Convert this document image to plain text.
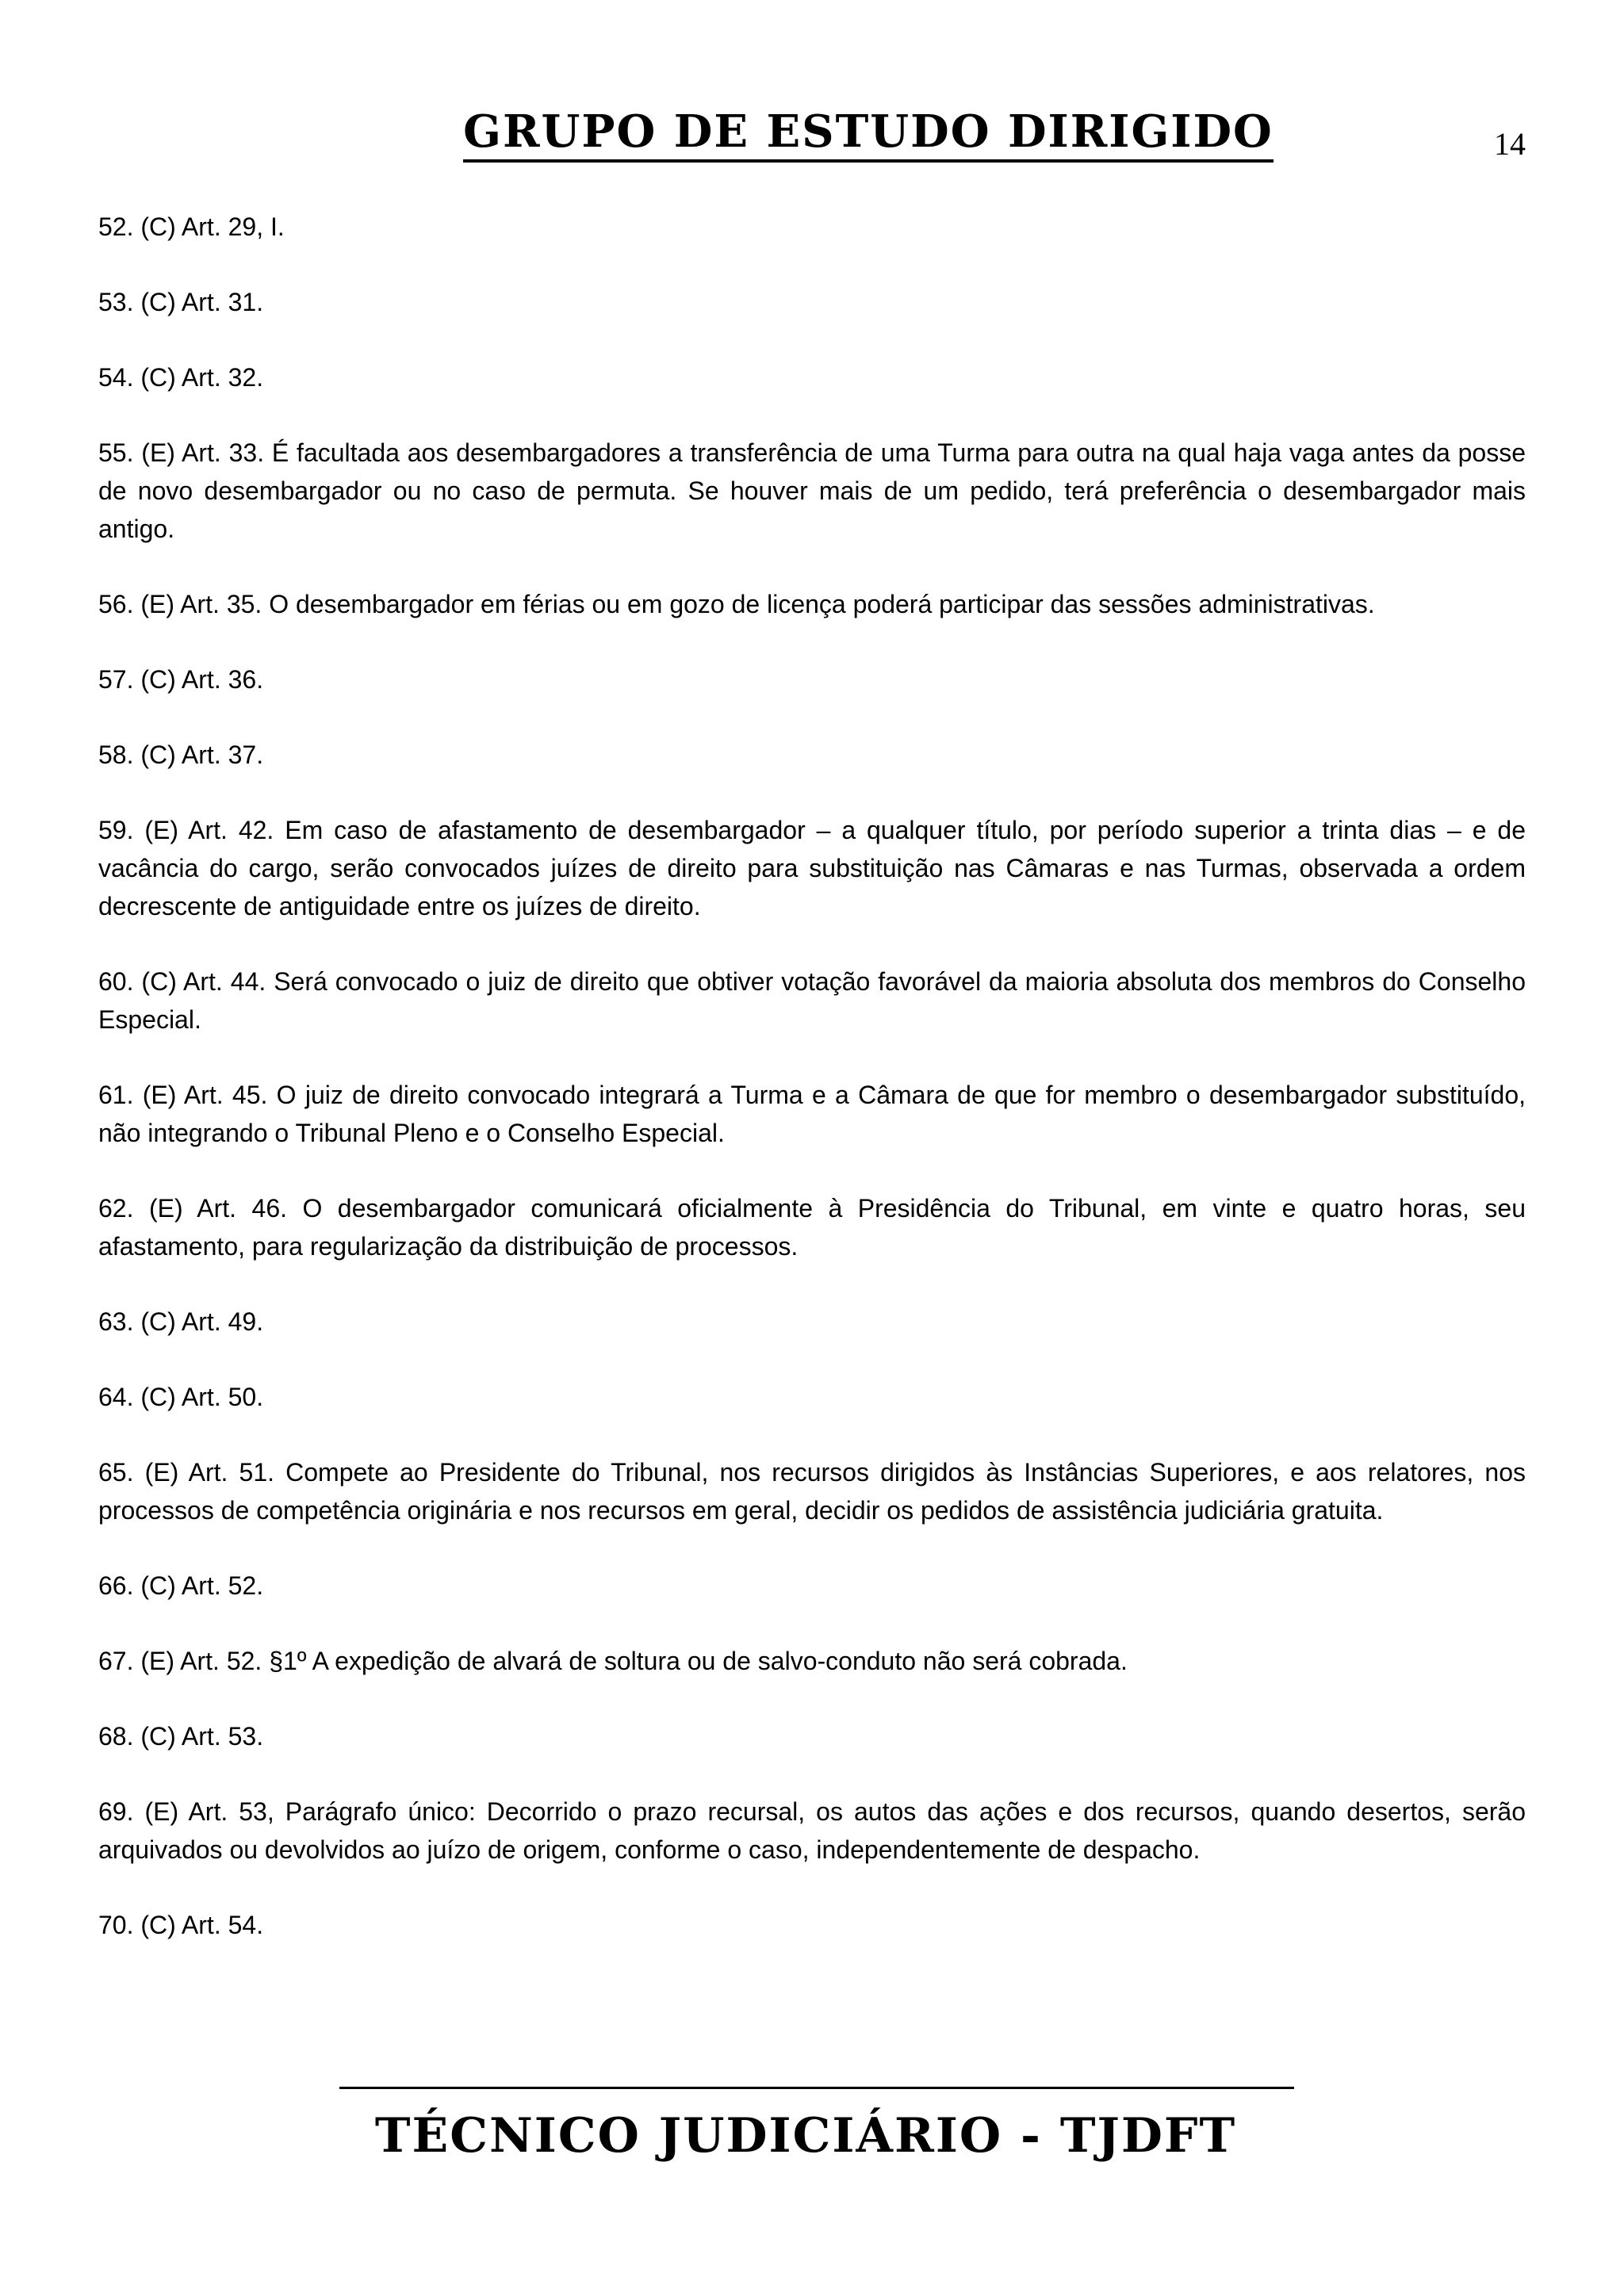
GRUPO DE ESTUDO DIRIGIDO	14

52. (C) Art. 29, I.

53. (C) Art. 31.

54. (C) Art. 32.

55. (E) Art. 33. É facultada aos desembargadores a transferência de uma Turma para outra na qual haja vaga antes da posse de novo desembargador ou no caso de permuta. Se houver mais de um pedido, terá preferência o desembargador mais antigo.

56. (E) Art. 35. O desembargador em férias ou em gozo de licença poderá participar das sessões administrativas.

57. (C) Art. 36.

58. (C) Art. 37.

59. (E) Art. 42. Em caso de afastamento de desembargador – a qualquer título, por período superior a trinta dias – e de vacância do cargo, serão convocados juízes de direito para substituição nas Câmaras e nas Turmas, observada a ordem decrescente de antiguidade entre os juízes de direito.

60. (C) Art. 44. Será convocado o juiz de direito que obtiver votação favorável da maioria absoluta dos membros do Conselho Especial.

61. (E) Art. 45. O juiz de direito convocado integrará a Turma e a Câmara de que for membro o desembargador substituído, não integrando o Tribunal Pleno e o Conselho Especial.

62. (E) Art. 46. O desembargador comunicará oficialmente à Presidência do Tribunal, em vinte e quatro horas, seu afastamento, para regularização da distribuição de processos.

63. (C) Art. 49.

64. (C) Art. 50.

65. (E) Art. 51. Compete ao Presidente do Tribunal, nos recursos dirigidos às Instâncias Superiores, e aos relatores, nos processos de competência originária e nos recursos em geral, decidir os pedidos de assistência judiciária gratuita.

66. (C) Art. 52.

67. (E) Art. 52. §1º A expedição de alvará de soltura ou de salvo-conduto não será cobrada.

68. (C) Art. 53.

69. (E) Art. 53, Parágrafo único: Decorrido o prazo recursal, os autos das ações e dos recursos, quando desertos, serão arquivados ou devolvidos ao juízo de origem, conforme o caso, independentemente de despacho.

70. (C) Art. 54.

TÉCNICO JUDICIÁRIO - TJDFT
